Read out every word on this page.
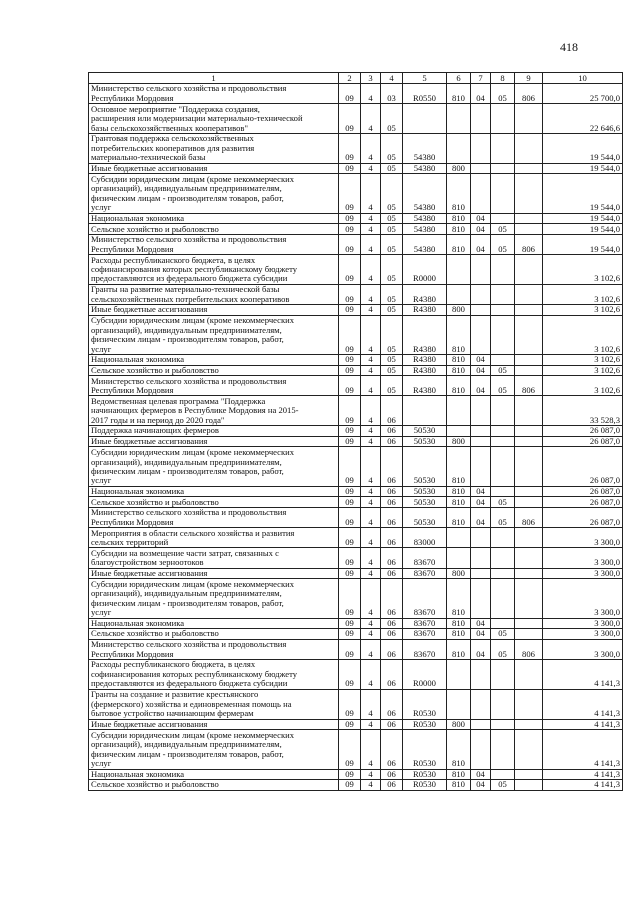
418
1	2	3	4	5	6	7	8	9	10
Министерство сельского хозяйства и продовольствия
Республики Мордовия	09	4	03	R0550	810	04	05	806	25 700,0
Основное мероприятие "Поддержка создания,
расширения или модернизации материально-технической
базы сельскохозяйственных кооперативов"	09	4	05						22 646,6
Грантовая поддержка сельскохозяйственных
потребительских кооперативов для развития
материально-технической базы	09	4	05	54380					19 544,0
Иные бюджетные ассигнования	09	4	05	54380	800				19 544,0
Субсидии юридическим лицам (кроме некоммерческих
организаций), индивидуальным предпринимателям,
физическим лицам - производителям товаров, работ,
услуг	09	4	05	54380	810				19 544,0
Национальная экономика	09	4	05	54380	810	04			19 544,0
Сельское хозяйство и рыболовство	09	4	05	54380	810	04	05		19 544,0
Министерство сельского хозяйства и продовольствия
Республики Мордовия	09	4	05	54380	810	04	05	806	19 544,0
Расходы республиканского бюджета, в целях
софинансирования которых республиканскому бюджету
предоставляются из федерального бюджета субсидии	09	4	05	R0000					3 102,6
Гранты на развитие материально-технической базы
сельскохозяйственных потребительских кооперативов	09	4	05	R4380					3 102,6
Иные бюджетные ассигнования	09	4	05	R4380	800				3 102,6
Субсидии юридическим лицам (кроме некоммерческих
организаций), индивидуальным предпринимателям,
физическим лицам - производителям товаров, работ,
услуг	09	4	05	R4380	810				3 102,6
Национальная экономика	09	4	05	R4380	810	04			3 102,6
Сельское хозяйство и рыболовство	09	4	05	R4380	810	04	05		3 102,6
Министерство сельского хозяйства и продовольствия
Республики Мордовия	09	4	05	R4380	810	04	05	806	3 102,6
Ведомственная целевая программа "Поддержка
начинающих фермеров в Республике Мордовия на 2015-
2017 годы и на период до 2020 года"	09	4	06						33 528,3
Поддержка начинающих фермеров	09	4	06	50530					26 087,0
Иные бюджетные ассигнования	09	4	06	50530	800				26 087,0
Субсидии юридическим лицам (кроме некоммерческих
организаций), индивидуальным предпринимателям,
физическим лицам - производителям товаров, работ,
услуг	09	4	06	50530	810				26 087,0
Национальная экономика	09	4	06	50530	810	04			26 087,0
Сельское хозяйство и рыболовство	09	4	06	50530	810	04	05		26 087,0
Министерство сельского хозяйства и продовольствия
Республики Мордовия	09	4	06	50530	810	04	05	806	26 087,0
Мероприятия в области сельского хозяйства и развития
сельских территорий	09	4	06	83000					3 300,0
Субсидии на возмещение части затрат, связанных с
благоустройством зерноотоков	09	4	06	83670					3 300,0
Иные бюджетные ассигнования	09	4	06	83670	800				3 300,0
Субсидии юридическим лицам (кроме некоммерческих
организаций), индивидуальным предпринимателям,
физическим лицам - производителям товаров, работ,
услуг	09	4	06	83670	810				3 300,0
Национальная экономика	09	4	06	83670	810	04			3 300,0
Сельское хозяйство и рыболовство	09	4	06	83670	810	04	05		3 300,0
Министерство сельского хозяйства и продовольствия
Республики Мордовия	09	4	06	83670	810	04	05	806	3 300,0
Расходы республиканского бюджета, в целях
софинансирования которых республиканскому бюджету
предоставляются из федерального бюджета субсидии	09	4	06	R0000					4 141,3
Гранты на создание и развитие крестьянского
(фермерского) хозяйства и единовременная помощь на
бытовое устройство начинающим фермерам	09	4	06	R0530					4 141,3
Иные бюджетные ассигнования	09	4	06	R0530	800				4 141,3
Субсидии юридическим лицам (кроме некоммерческих
организаций), индивидуальным предпринимателям,
физическим лицам - производителям товаров, работ,
услуг	09	4	06	R0530	810				4 141,3
Национальная экономика	09	4	06	R0530	810	04			4 141,3
Сельское хозяйство и рыболовство	09	4	06	R0530	810	04	05		4 141,3
